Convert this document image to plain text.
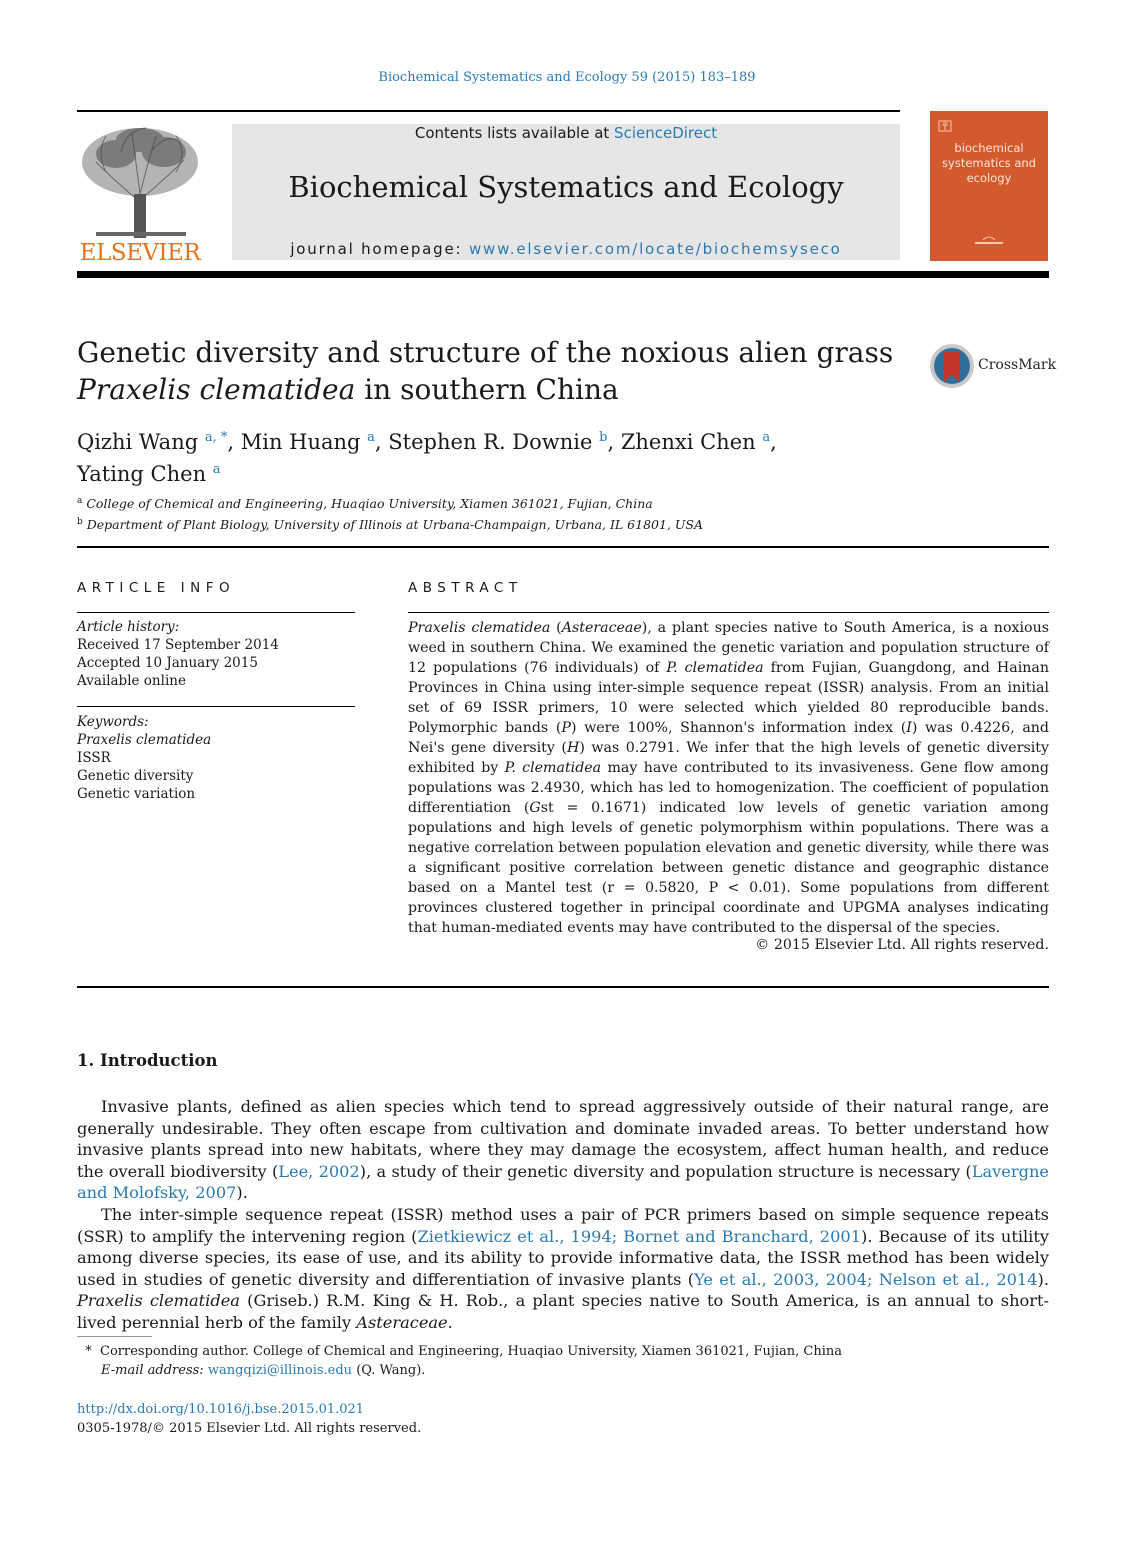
Biochemical Systematics and Ecology 59 (2015) 183–189
ELSEVIER
Contents lists available at ScienceDirect
Biochemical Systematics and Ecology
journal homepage: www.elsevier.com/locate/biochemsyseco
biochemical systematics and ecology
Genetic diversity and structure of the noxious alien grass
Praxelis clematidea in southern China
CrossMark
Qizhi Wang $^{a, *}$, Min Huang $^a$, Stephen R. Downie $^b$, Zhenxi Chen $^a$,
Yating Chen $^a$
$^a$ College of Chemical and Engineering, Huaqiao University, Xiamen 361021, Fujian, China
$^b$ Department of Plant Biology, University of Illinois at Urbana-Champaign, Urbana, IL 61801, USA
ARTICLE INFO
Article history:
Received 17 September 2014
Accepted 10 January 2015
Available online
Keywords:
Praxelis clematidea
ISSR
Genetic diversity
Genetic variation
ABSTRACT
Praxelis clematidea (Asteraceae), a plant species native to South America, is a noxious weed in southern China. We examined the genetic variation and population structure of 12 populations (76 individuals) of P. clematidea from Fujian, Guangdong, and Hainan Provinces in China using inter-simple sequence repeat (ISSR) analysis. From an initial set of 69 ISSR primers, 10 were selected which yielded 80 reproducible bands. Polymorphic bands (P) were 100%, Shannon's information index (I) was 0.4226, and Nei's gene diversity (H) was 0.2791. We infer that the high levels of genetic diversity exhibited by P. clematidea may have contributed to its invasiveness. Gene flow among populations was 2.4930, which has led to homogenization. The coefficient of population differentiation (Gst = 0.1671) indicated low levels of genetic variation among populations and high levels of genetic polymorphism within populations. There was a negative correlation between population elevation and genetic diversity, while there was a significant positive correlation between genetic distance and geographic distance based on a Mantel test (r = 0.5820, P < 0.01). Some populations from different provinces clustered together in principal coordinate and UPGMA analyses indicating that human-mediated events may have contributed to the dispersal of the species.
© 2015 Elsevier Ltd. All rights reserved.
1. Introduction

Invasive plants, defined as alien species which tend to spread aggressively outside of their natural range, are generally undesirable. They often escape from cultivation and dominate invaded areas. To better understand how invasive plants spread into new habitats, where they may damage the ecosystem, affect human health, and reduce the overall biodiversity (Lee, 2002), a study of their genetic diversity and population structure is necessary (Lavergne and Molofsky, 2007).

The inter-simple sequence repeat (ISSR) method uses a pair of PCR primers based on simple sequence repeats (SSR) to amplify the intervening region (Zietkiewicz et al., 1994; Bornet and Branchard, 2001). Because of its utility among diverse species, its ease of use, and its ability to provide informative data, the ISSR method has been widely used in studies of genetic diversity and differentiation of invasive plants (Ye et al., 2003, 2004; Nelson et al., 2014). Praxelis clematidea (Griseb.) R.M. King & H. Rob., a plant species native to South America, is an annual to short-lived perennial herb of the family Asteraceae.

* Corresponding author. College of Chemical and Engineering, Huaqiao University, Xiamen 361021, Fujian, China
E-mail address: wangqizi@illinois.edu (Q. Wang).
http://dx.doi.org/10.1016/j.bse.2015.01.021
0305-1978/© 2015 Elsevier Ltd. All rights reserved.
